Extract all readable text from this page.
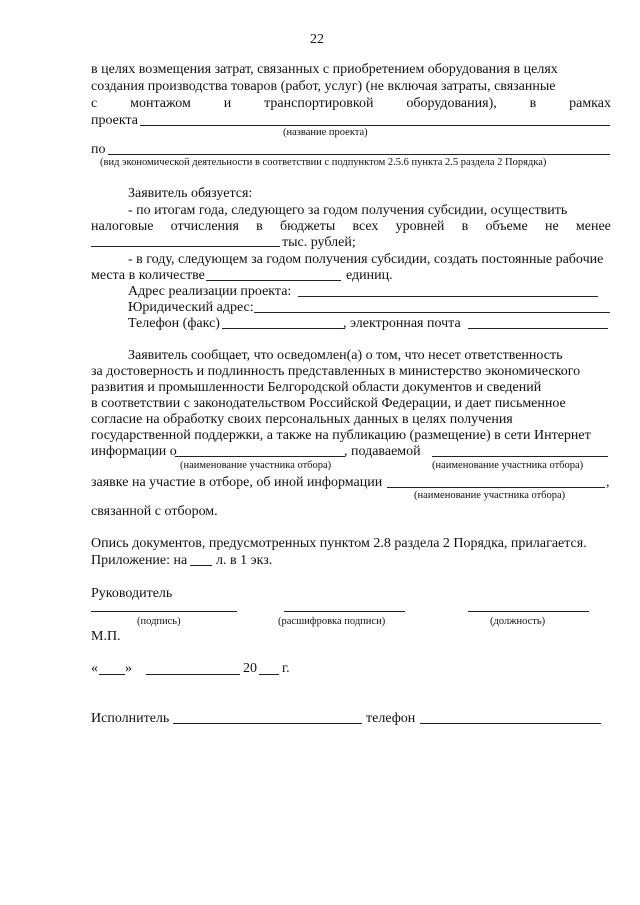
22
в целях возмещения затрат, связанных с приобретением оборудования в целях
создания производства товаров (работ, услуг) (не включая затраты, связанные
с монтажом и транспортировкой оборудования), в рамках
проекта
(название проекта)
по
(вид экономической деятельности в соответствии с подпунктом 2.5.6 пункта 2.5 раздела 2 Порядка)
Заявитель обязуется:
- по итогам года, следующего за годом получения субсидии, осуществить
налоговые отчисления в бюджеты всех уровней в объеме не менее
тыс. рублей;
- в году, следующем за годом получения субсидии, создать постоянные рабочие
места в количестве	единиц.
Адрес реализации проекта:
Юридический адрес:
Телефон (факс)	, электронная почта
Заявитель сообщает, что осведомлен(а) о том, что несет ответственность
за достоверность и подлинность представленных в министерство экономического
развития и промышленности Белгородской области документов и сведений
в соответствии с законодательством Российской Федерации, и дает письменное
согласие на обработку своих персональных данных в целях получения
государственной поддержки, а также на публикацию (размещение) в сети Интернет
информации о	, подаваемой
(наименование участника отбора)	(наименование участника отбора)
заявке на участие в отборе, об иной информации	,
(наименование участника отбора)
связанной с отбором.
Опись документов, предусмотренных пунктом 2.8 раздела 2 Порядка, прилагается.
Приложение: на л. в 1 экз.
Руководитель
(подпись)	(расшифровка подписи)	(должность)
М.П.
« »	20 г.
Исполнитель	телефон
